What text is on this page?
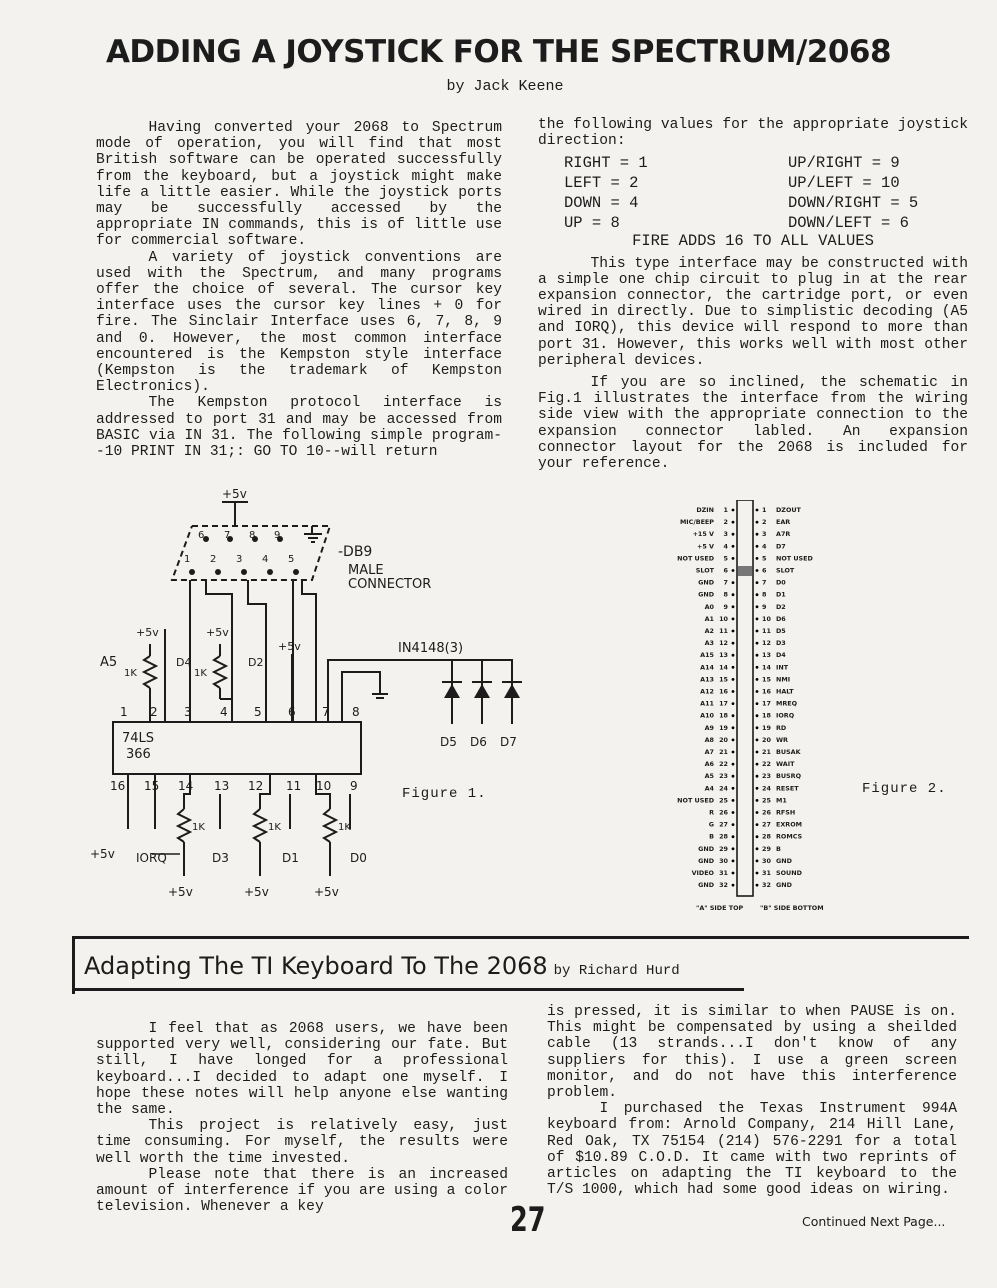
ADDING A JOYSTICK FOR THE SPECTRUM/2068
by Jack Keene

Having converted your 2068 to Spectrum mode of operation, you will find that most British software can be operated successfully from the keyboard, but a joystick might make life a little easier. While the joystick ports may be successfully accessed by the appropriate IN commands, this is of little use for commercial software.

A variety of joystick conventions are used with the Spectrum, and many programs offer the choice of several. The cursor key interface uses the cursor key lines + 0 for fire. The Sinclair Interface uses 6, 7, 8, 9 and 0. However, the most common interface encountered is the Kempston style interface (Kempston is the trademark of Kempston Electronics).

The Kempston protocol interface is addressed to port 31 and may be accessed from BASIC via IN 31. The following simple program--10 PRINT IN 31;: GO TO 10--will return

the following values for the appropriate joystick direction:

RIGHT = 1	UP/RIGHT = 9
LEFT = 2	UP/LEFT = 10
DOWN = 4	DOWN/RIGHT = 5
UP = 8	DOWN/LEFT = 6
FIRE ADDS 16 TO ALL VALUES

This type interface may be constructed with a simple one chip circuit to plug in at the rear expansion connector, the cartridge port, or even wired in directly. Due to simplistic decoding (A5 and IORQ), this device will respond to more than port 31. However, this works well with most other peripheral devices.

If you are so inclined, the schematic in Fig.1 illustrates the interface from the wiring side view with the appropriate connection to the expansion connector labled. An expansion connector layout for the 2068 is included for your reference.

+5v
-DB9
MALE
CONNECTOR
6 7 8 9
1 2 3 4 5
A5	D4	D2
+5v	+5v
+5v
1K	1K
IN4148(3)
D5 D6 D7
1 2 3 4 5 6 7 8
74LS
366
16 15 14 13 12 11 10 9
1K	1K	1K
+5v IORQ	D3	D1	D0
+5v	+5v	+5v
Figure 1.
DZIN 1	1 DZOUT
MIC/BEEP 2	2 EAR
+15 V 3	3 A7R
+5 V 4	4 D7
NOT USED 5	5 NOT USED
SLOT 6	6 SLOT
GND 7	7 D0
GND 8	8 D1
A0 9	9 D2
A1 10	10 D6
A2 11	11 D5
A3 12	12 D3
A15 13	13 D4
A14 14	14 INT
A13 15	15 NMI
A12 16	16 HALT
A11 17	17 MREQ
A10 18	18 IORQ
A9 19	19 RD
A8 20	20 WR
A7 21	21 BUSAK
A6 22	22 WAIT
A5 23	23 BUSRQ
A4 24	24 RESET
NOT USED 25	25 M1
R 26	26 RFSH
G 27	27 EXROM
B 28	28 ROMCS
GND 29	29 B
GND 30	30 GND
VIDEO 31	31 SOUND
GND 32	32 GND
"A" SIDE TOP	"B" SIDE BOTTOM
Figure 2.
Adapting The TI Keyboard To The 2068 by Richard Hurd

I feel that as 2068 users, we have been supported very well, considering our fate. But still, I have longed for a professional keyboard...I decided to adapt one myself. I hope these notes will help anyone else wanting the same.

This project is relatively easy, just time consuming. For myself, the results were well worth the time invested.

Please note that there is an increased amount of interference if you are using a color television. Whenever a key

is pressed, it is similar to when PAUSE is on. This might be compensated by using a sheilded cable (13 strands...I don't know of any suppliers for this). I use a green screen monitor, and do not have this interference problem.

I purchased the Texas Instrument 994A keyboard from: Arnold Company, 214 Hill Lane, Red Oak, TX 75154 (214) 576-2291 for a total of $10.89 C.O.D. It came with two reprints of articles on adapting the TI keyboard to the T/S 1000, which had some good ideas on wiring.

27	Continued Next Page...
